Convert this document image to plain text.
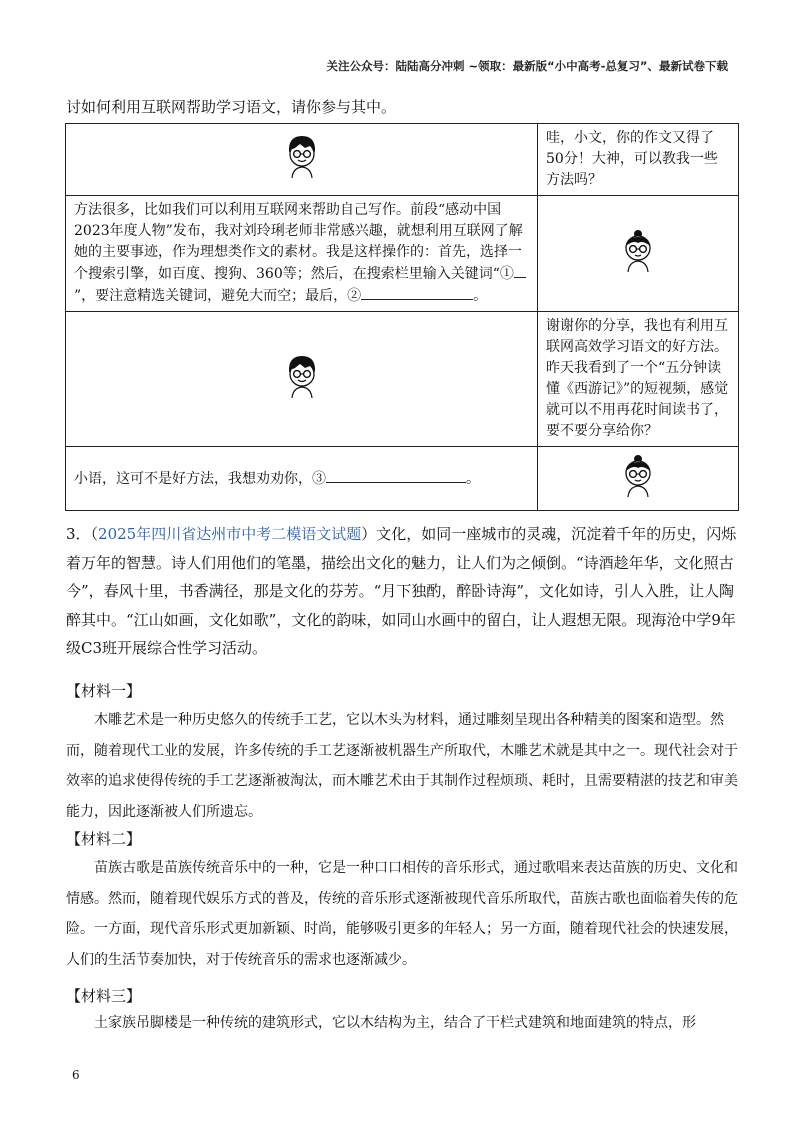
关注公众号：陆陆高分冲刺 ~领取：最新版“小中高考-总复习”、最新试卷下载
讨如何利用互联网帮助学习语文，请你参与其中。
	哇，小文，你的作文又得了50分！大神，可以教我一些方法吗？
方法很多，比如我们可以利用互联网来帮助自己写作。前段“感动中国2023年度人物”发布，我对刘玲琍老师非常感兴趣，就想利用互联网了解她的主要事迹，作为理想类作文的素材。我是这样操作的：首先，选择一个搜索引擎，如百度、搜狗、360等；然后，在搜索栏里输入关键词“①”，要注意精选关键词，避免大而空；最后，② 。	
	谢谢你的分享，我也有利用互联网高效学习语文的好方法。昨天我看到了一个“五分钟读懂《西游记》”的短视频，感觉就可以不用再花时间读书了，要不要分享给你？
小语，这可不是好方法，我想劝劝你，③ 。	

3．（2025年四川省达州市中考二模语文试题）文化，如同一座城市的灵魂，沉淀着千年的历史，闪烁着万年的智慧。诗人们用他们的笔墨，描绘出文化的魅力，让人们为之倾倒。“诗酒趁年华，文化照古今”，春风十里，书香满径，那是文化的芬芳。“月下独酌，醉卧诗海”，文化如诗，引人入胜，让人陶醉其中。“江山如画，文化如歌”，文化的韵味，如同山水画中的留白，让人遐想无限。现海沧中学9年级C3班开展综合性学习活动。

【材料一】

木雕艺术是一种历史悠久的传统手工艺，它以木头为材料，通过雕刻呈现出各种精美的图案和造型。然而，随着现代工业的发展，许多传统的手工艺逐渐被机器生产所取代，木雕艺术就是其中之一。现代社会对于效率的追求使得传统的手工艺逐渐被淘汰，而木雕艺术由于其制作过程烦琐、耗时，且需要精湛的技艺和审美能力，因此逐渐被人们所遗忘。

【材料二】

苗族古歌是苗族传统音乐中的一种，它是一种口口相传的音乐形式，通过歌唱来表达苗族的历史、文化和情感。然而，随着现代娱乐方式的普及，传统的音乐形式逐渐被现代音乐所取代，苗族古歌也面临着失传的危险。一方面，现代音乐形式更加新颖、时尚，能够吸引更多的年轻人；另一方面，随着现代社会的快速发展，人们的生活节奏加快，对于传统音乐的需求也逐渐减少。

【材料三】

土家族吊脚楼是一种传统的建筑形式，它以木结构为主，结合了干栏式建筑和地面建筑的特点，形

6
